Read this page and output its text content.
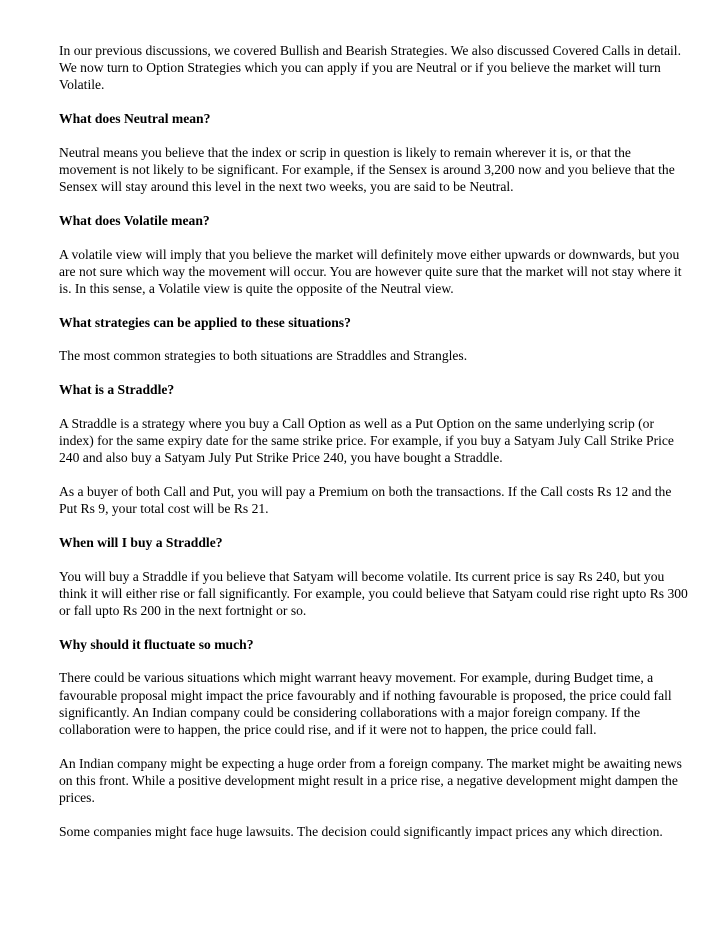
In our previous discussions, we covered Bullish and Bearish Strategies. We also discussed Covered Calls in detail. We now turn to Option Strategies which you can apply if you are Neutral or if you believe the market will turn Volatile.

What does Neutral mean?

Neutral means you believe that the index or scrip in question is likely to remain wherever it is, or that the movement is not likely to be significant. For example, if the Sensex is around 3,200 now and you believe that the Sensex will stay around this level in the next two weeks, you are said to be Neutral.

What does Volatile mean?

A volatile view will imply that you believe the market will definitely move either upwards or downwards, but you are not sure which way the movement will occur. You are however quite sure that the market will not stay where it is. In this sense, a Volatile view is quite the opposite of the Neutral view.

What strategies can be applied to these situations?

The most common strategies to both situations are Straddles and Strangles.

What is a Straddle?

A Straddle is a strategy where you buy a Call Option as well as a Put Option on the same underlying scrip (or index) for the same expiry date for the same strike price. For example, if you buy a Satyam July Call Strike Price 240 and also buy a Satyam July Put Strike Price 240, you have bought a Straddle.

As a buyer of both Call and Put, you will pay a Premium on both the transactions. If the Call costs Rs 12 and the Put Rs 9, your total cost will be Rs 21.

When will I buy a Straddle?

You will buy a Straddle if you believe that Satyam will become volatile. Its current price is say Rs 240, but you think it will either rise or fall significantly. For example, you could believe that Satyam could rise right upto Rs 300 or fall upto Rs 200 in the next fortnight or so.

Why should it fluctuate so much?

There could be various situations which might warrant heavy movement. For example, during Budget time, a favourable proposal might impact the price favourably and if nothing favourable is proposed, the price could fall significantly. An Indian company could be considering collaborations with a major foreign company. If the collaboration were to happen, the price could rise, and if it were not to happen, the price could fall.

An Indian company might be expecting a huge order from a foreign company. The market might be awaiting news on this front. While a positive development might result in a price rise, a negative development might dampen the prices.

Some companies might face huge lawsuits. The decision could significantly impact prices any which direction.
